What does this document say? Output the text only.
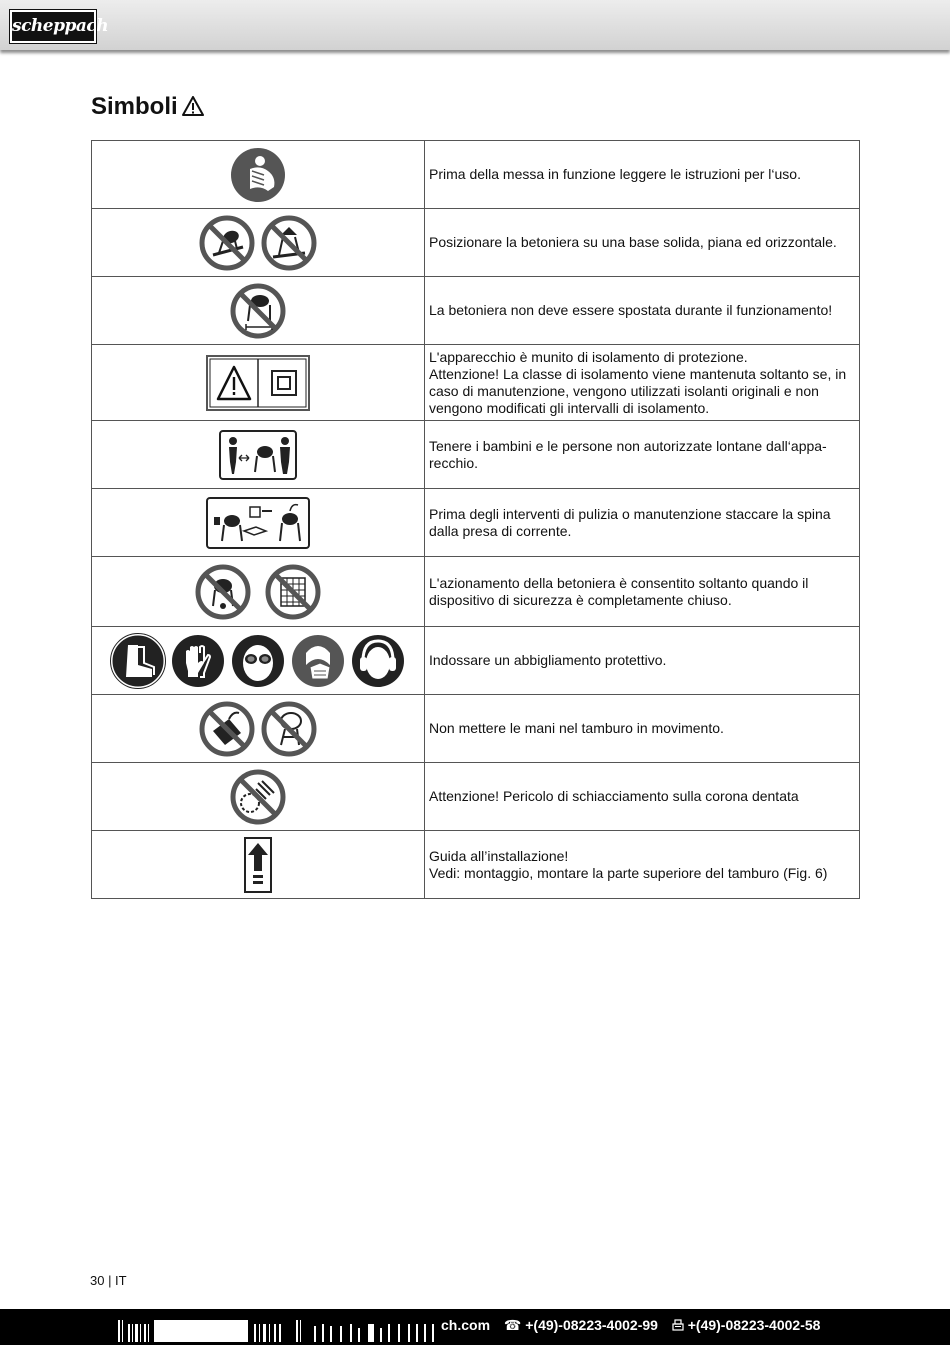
scheppach
Simboli
	Prima della messa in funzione leggere le istruzioni per l‘uso.

	Posizionare la betoniera su una base solida, piana ed orizzontale.

	La betoniera non deve essere spostata durante il funzionamento!

	L'apparecchio è munito di isolamento di protezione.
Attenzione! La classe di isolamento viene mantenuta soltanto se, in caso di manutenzione, vengono utilizzati isolanti originali e non vengono modificati gli intervalli di isolamento.

	Tenere i bambini e le persone non autorizzate lontane dall‘appa-recchio.

	Prima degli interventi di pulizia o manutenzione staccare la spina dalla presa di corrente.

	L'azionamento della betoniera è consentito soltanto quando il dispositivo di sicurezza è completamente chiuso.

	Indossare un abbigliamento protettivo.

	Non mettere le mani nel tamburo in movimento.

	Attenzione! Pericolo di schiacciamento sulla corona dentata

	Guida all’installazione!
Vedi: montaggio, montare la parte superiore del tamburo (Fig. 6)
30 | IT
ch.com ☎ +(49)-08223-4002-99 +(49)-08223-4002-58
